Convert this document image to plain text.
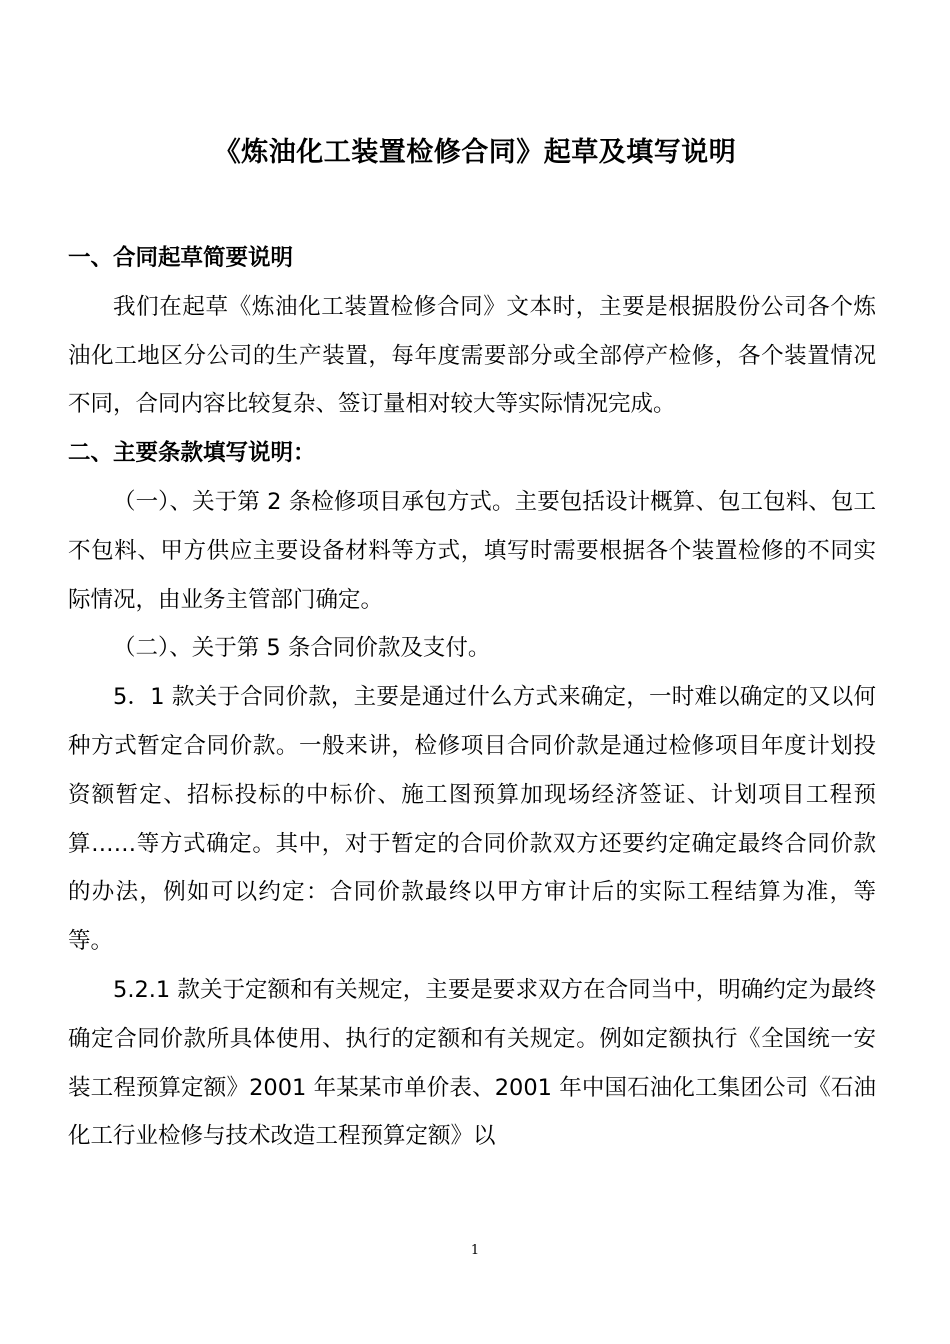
《炼油化工装置检修合同》起草及填写说明

一、合同起草简要说明

我们在起草《炼油化工装置检修合同》文本时，主要是根据股份公司各个炼油化工地区分公司的生产装置，每年度需要部分或全部停产检修，各个装置情况不同，合同内容比较复杂、签订量相对较大等实际情况完成。

二、主要条款填写说明：

（一）、关于第 2 条检修项目承包方式。主要包括设计概算、包工包料、包工不包料、甲方供应主要设备材料等方式，填写时需要根据各个装置检修的不同实际情况，由业务主管部门确定。

（二）、关于第 5 条合同价款及支付。

5．1 款关于合同价款，主要是通过什么方式来确定，一时难以确定的又以何种方式暂定合同价款。一般来讲，检修项目合同价款是通过检修项目年度计划投资额暂定、招标投标的中标价、施工图预算加现场经济签证、计划项目工程预算……等方式确定。其中，对于暂定的合同价款双方还要约定确定最终合同价款的办法，例如可以约定：合同价款最终以甲方审计后的实际工程结算为准，等等。

5.2.1 款关于定额和有关规定，主要是要求双方在合同当中，明确约定为最终确定合同价款所具体使用、执行的定额和有关规定。例如定额执行《全国统一安装工程预算定额》2001 年某某市单价表、2001 年中国石油化工集团公司《石油化工行业检修与技术改造工程预算定额》以

1
